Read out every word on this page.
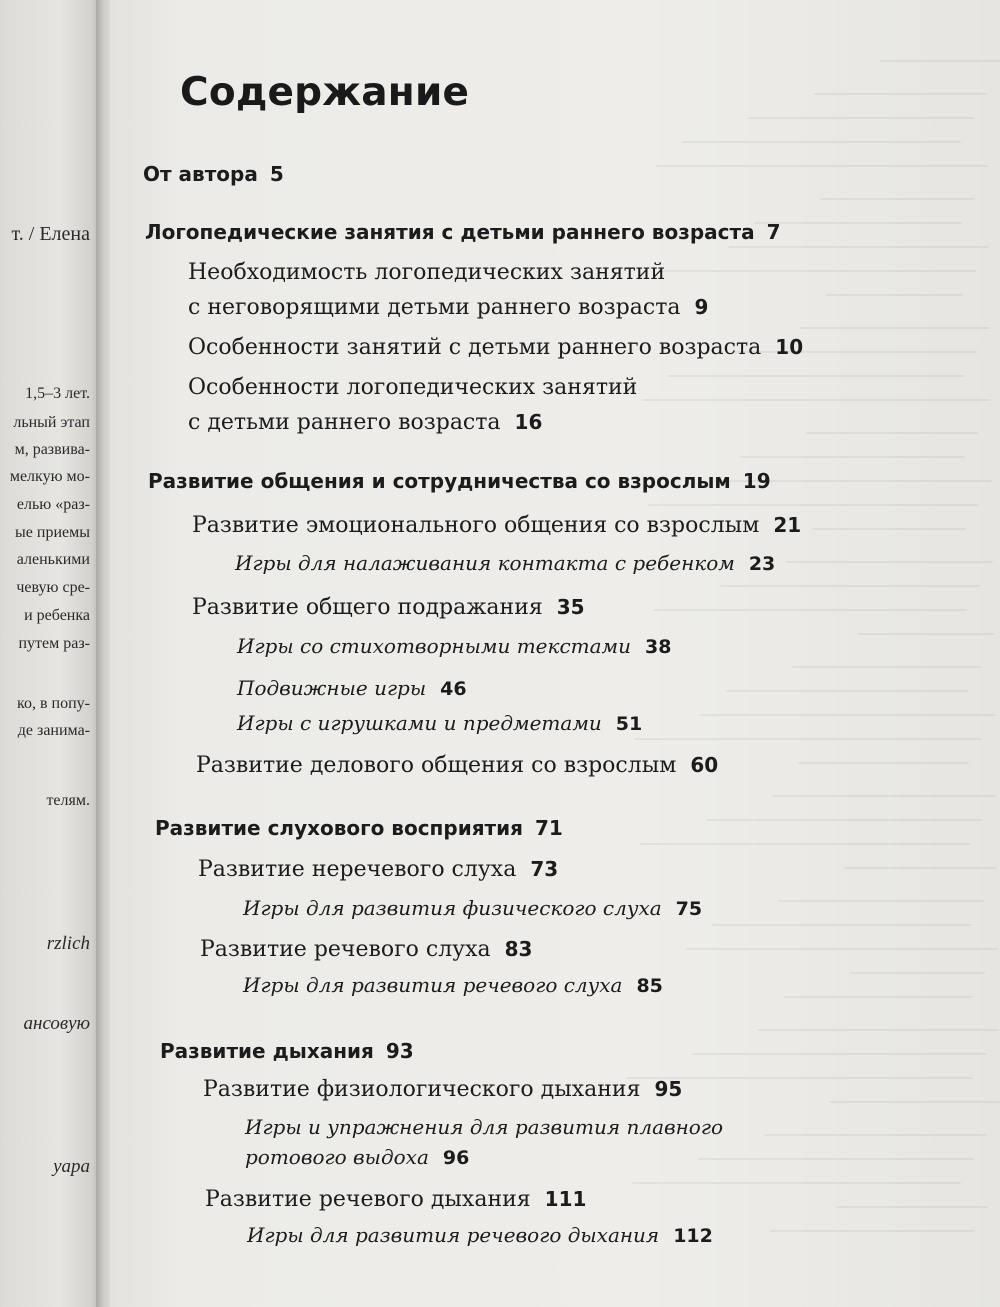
т. / Елена
1,5–3 лет.
льный этап
м, развива-
мелкую мо-
елью «раз-
ые приемы
аленькими
чевую сре-
и ребенка
путем раз-
ко, в попу-
де занима-
телям.
rzlich
ансовую
уара
Содержание
От автора 5
Логопедические занятия с детьми раннего возраста 7
Необходимость логопедических занятий
с неговорящими детьми раннего возраста 9
Особенности занятий с детьми раннего возраста 10
Особенности логопедических занятий
с детьми раннего возраста 16
Развитие общения и сотрудничества со взрослым 19
Развитие эмоционального общения со взрослым 21
Игры для налаживания контакта с ребенком 23
Развитие общего подражания 35
Игры со стихотворными текстами 38
Подвижные игры 46
Игры с игрушками и предметами 51
Развитие делового общения со взрослым 60
Развитие слухового восприятия 71
Развитие неречевого слуха 73
Игры для развития физического слуха 75
Развитие речевого слуха 83
Игры для развития речевого слуха 85
Развитие дыхания 93
Развитие физиологического дыхания 95
Игры и упражнения для развития плавного
ротового выдоха 96
Развитие речевого дыхания 111
Игры для развития речевого дыхания 112
